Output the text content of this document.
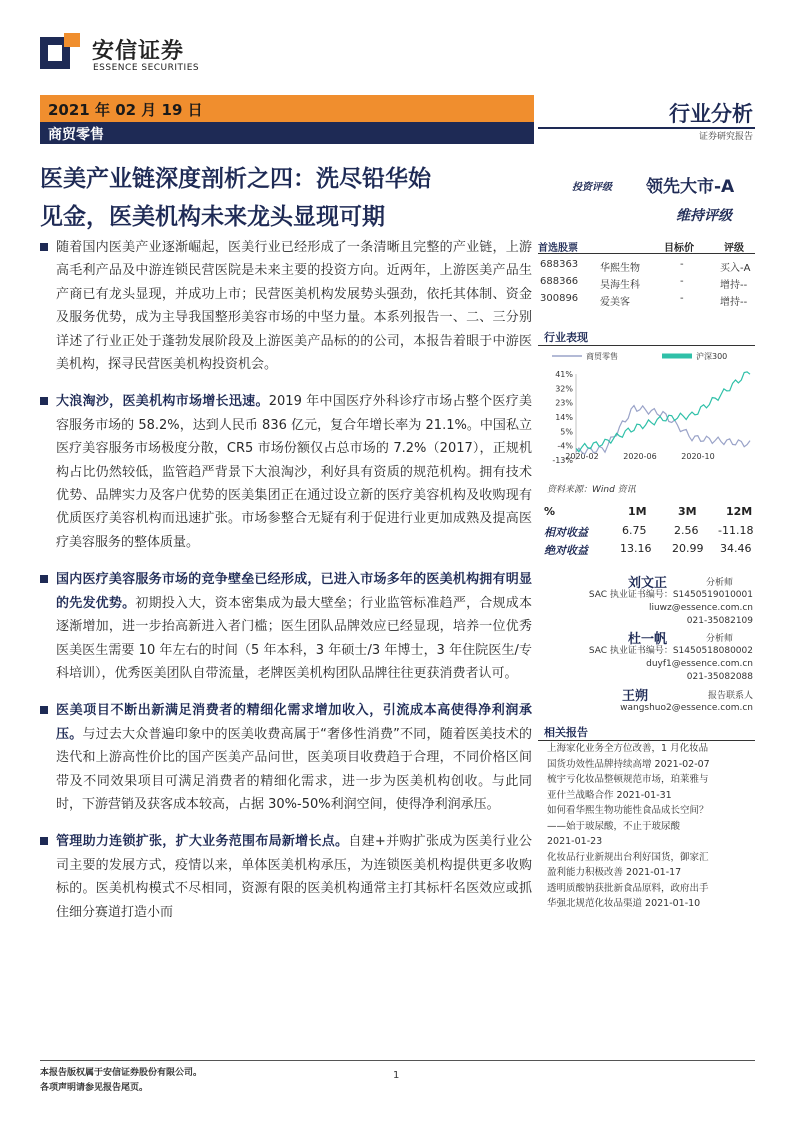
安信证券
ESSENCE SECURITIES
2021 年 02 月 19 日
商贸零售
行业分析
证券研究报告
医美产业链深度剖析之四：洗尽铅华始
见金，医美机构未来龙头显现可期
投资评级 领先大市-A
维持评级
随着国内医美产业逐渐崛起，医美行业已经形成了一条清晰且完整的产业链，上游高毛利产品及中游连锁民营医院是未来主要的投资方向。近两年，上游医美产品生产商已有龙头显现，并成功上市；民营医美机构发展势头强劲，依托其体制、资金及服务优势，成为主导我国整形美容市场的中坚力量。本系列报告一、二、三分别详述了行业正处于蓬勃发展阶段及上游医美产品标的的公司，本报告着眼于中游医美机构，探寻民营医美机构投资机会。
大浪淘沙，医美机构市场增长迅速。2019 年中国医疗外科诊疗市场占整个医疗美容服务市场的 58.2%，达到人民币 836 亿元，复合年增长率为 21.1%。中国私立医疗美容服务市场极度分散，CR5 市场份额仅占总市场的 7.2%（2017），正规机构占比仍然较低，监管趋严背景下大浪淘沙，利好具有资质的规范机构。拥有技术优势、品牌实力及客户优势的医美集团正在通过设立新的医疗美容机构及收购现有优质医疗美容机构而迅速扩张。市场参整合无疑有利于促进行业更加成熟及提高医疗美容服务的整体质量。
国内医疗美容服务市场的竞争壁垒已经形成，已进入市场多年的医美机构拥有明显的先发优势。初期投入大，资本密集成为最大壁垒；行业监管标准趋严，合规成本逐渐增加，进一步抬高新进入者门槛；医生团队品牌效应已经显现，培养一位优秀医美医生需要 10 年左右的时间（5 年本科，3 年硕士/3 年博士，3 年住院医生/专科培训），优秀医美团队自带流量，老牌医美机构团队品牌往往更获消费者认可。
医美项目不断出新满足消费者的精细化需求增加收入，引流成本高使得净利润承压。与过去大众普遍印象中的医美收费高属于“奢侈性消费”不同，随着医美技术的迭代和上游高性价比的国产医美产品问世，医美项目收费趋于合理，不同价格区间带及不同效果项目可满足消费者的精细化需求，进一步为医美机构创收。与此同时，下游营销及获客成本较高，占据 30%-50%利润空间，使得净利润承压。
管理助力连锁扩张，扩大业务范围布局新增长点。自建+并购扩张成为医美行业公司主要的发展方式，疫情以来，单体医美机构承压，为连锁医美机构提供更多收购标的。医美机构模式不尽相同，资源有限的医美机构通常主打其标杆名医效应或抓住细分赛道打造小而
首选股票	目标价	评级
688363 华熙生物	-	买入-A
688366 昊海生科	-	增持--
300896 爱美客	-	增持--
行业表现
41%
32%
23%
14%
5%
-4%
-13%
2020-02	2020-06	2020-10
商贸零售	沪深300
资料来源：Wind 资讯
%	1M	3M	12M
相对收益	6.75	2.56 -11.18
绝对收益	13.16 20.99 34.46
刘文正	分析师
SAC 执业证书编号：S1450519010001
liuwz@essence.com.cn
021-35082109
杜一帆	分析师
SAC 执业证书编号：S1450518080002
duyf1@essence.com.cn
021-35082088
王朔	报告联系人
wangshuo2@essence.com.cn
相关报告
上海家化业务全方位改善，1 月化妆品
国货功效性品牌持续高增 2021-02-07
梳宇亏化妆品整顿规范市场，珀莱雅与
亚什兰战略合作 2021-01-31
如何看华熙生物功能性食品成长空间？
——始于玻尿酸，不止于玻尿酸
2021-01-23
化妆品行业新规出台利好国货，御家汇
盈利能力积极改善 2021-01-17
透明质酸钠获批新食品原料，政府出手
华强北规范化妆品渠道 2021-01-10
本报告版权属于安信证券股份有限公司。
各项声明请参见报告尾页。
1
